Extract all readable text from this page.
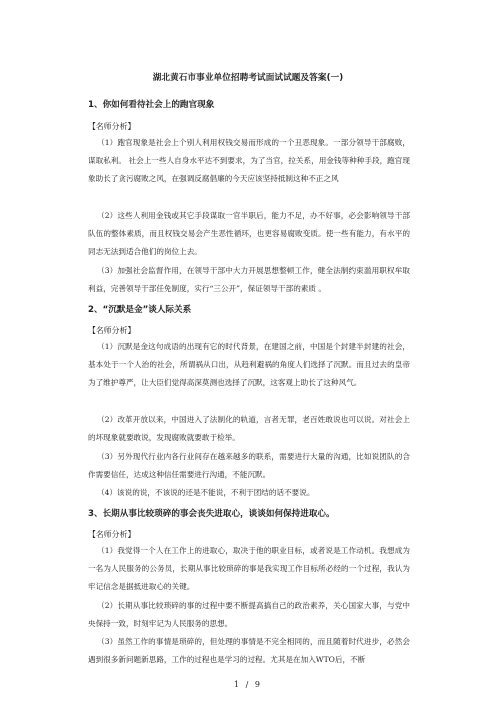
湖北黄石市事业单位招聘考试面试试题及答案(一)
1、你如何看待社会上的跑官现象
【名师分析】
（1）跑官现象是社会上个别人利用权钱交易而形成的一个丑恶现象。一部分领导干部腐败，谋取私利。 社会上一些人自身水平达不到要求，为了当官，拉关系，用金钱等种种手段，跑官现象助长了贪污腐败之风，在强调反腐倡廉的今天应该坚持抵制这种不正之风
（2）这些人利用金钱或其它手段谋取一官半职后，能力不足，办不好事，必会影响领导干部队伍的整体素质，而且权钱交易会产生恶性循环，也更容易腐败变质。使一些有能力，有水平的同志无法到适合他们的岗位上去。
（3）加强社会监督作用，在领导干部中大力开展思想整顿工作，健全法制约束滥用职权牟取利益，完善领导干部任免制度，实行“三公开”，保证领导干部的素质 。
2、“沉默是金”谈人际关系
【名师分析】
（1）沉默是金这句成语的出现有它的时代背景，在建国之前，中国是个封建半封建的社会，基本处于一个人治的社会，所谓祸从口出，从趋利避祸的角度人们选择了沉默。而且过去的皇帝为了维护尊严，让大臣们觉得高深莫测也选择了沉默，这客观上助长了这种风气。
（2）改革开放以来，中国进入了法制化的轨道，言者无罪，老百姓敢说也可以说。对社会上的坏现象就要敢说，发现腐败就要敢于检举。
（3）另外现代行业内各行业间存在越来越多的联系，需要进行大量的沟通，比如说团队的合作需要信任，达成这种信任需要进行沟通，不能沉默。
（4）该说的说，不该说的还是不能说，不利于团结的话不要说。
3、长期从事比较琐碎的事会丧失进取心，谈谈如何保持进取心。
【名师分析】
（1）我觉得一个人在工作上的进取心，取决于他的职业目标，或者说是工作动机。我想成为一名为人民服务的公务员，长期从事比较琐碎的事是我实现工作目标所必经的一个过程，我认为牢记信念是据抵进取心的关键。
（2）长期从事比较琐碎的事的过程中要不断提高搞自己的政治素养，关心国家大事，与党中央保持一致，时刻牢记为人民服务的思想。
（3）虽然工作的事情是琐碎的，但处理的事情是不完全相同的，而且随着时代进步，必然会遇到很多新问题新思路，工作的过程也是学习的过程。尤其是在加入WTO后，不断
1 / 9
